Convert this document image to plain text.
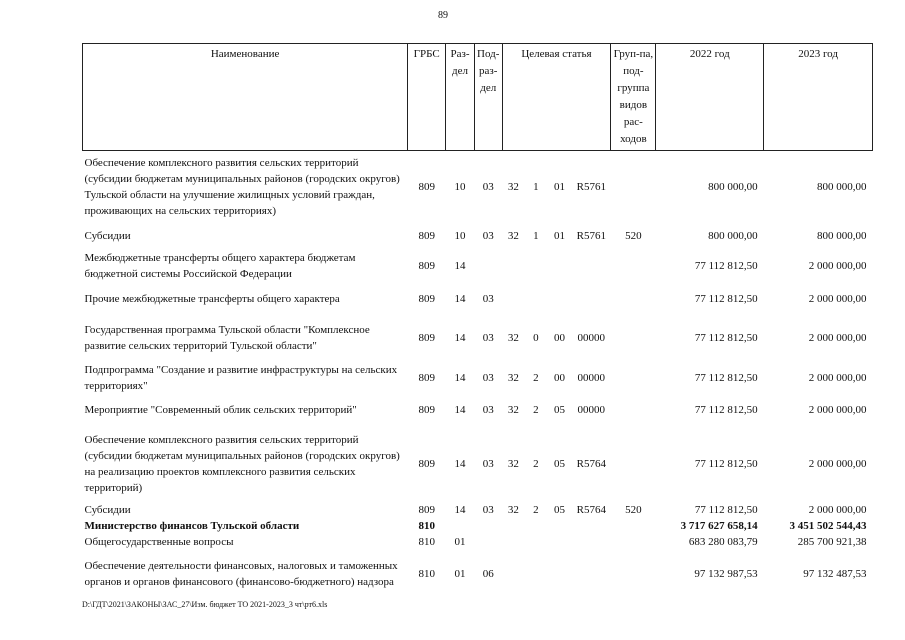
89
Наименование	ГРБС	Раз-дел	Под-раз-дел	Целевая статья				Груп-па, под-группа видов рас-ходов	2022 год	2023 год
Обеспечение комплексного развития сельских территорий (субсидии бюджетам муниципальных районов (городских округов) Тульской области на улучшение жилищных условий граждан, проживающих на сельских территориях)	809	10	03	32	1	01	R5761		800 000,00	800 000,00
Субсидии	809	10	03	32	1	01	R5761	520	800 000,00	800 000,00
Межбюджетные трансферты общего характера бюджетам бюджетной системы Российской Федерации	809	14							77 112 812,50	2 000 000,00
Прочие межбюджетные трансферты общего характера	809	14	03						77 112 812,50	2 000 000,00
Государственная программа Тульской области "Комплексное развитие сельских территорий Тульской области"	809	14	03	32	0	00	00000		77 112 812,50	2 000 000,00
Подпрограмма "Создание и развитие инфраструктуры на сельских территориях"	809	14	03	32	2	00	00000		77 112 812,50	2 000 000,00
Мероприятие "Современный облик сельских территорий"	809	14	03	32	2	05	00000		77 112 812,50	2 000 000,00
Обеспечение комплексного развития сельских территорий (субсидии бюджетам муниципальных районов (городских округов) на реализацию проектов комплексного развития сельских территорий)	809	14	03	32	2	05	R5764		77 112 812,50	2 000 000,00
Субсидии	809	14	03	32	2	05	R5764	520	77 112 812,50	2 000 000,00
Министерство финансов Тульской области	810								3 717 627 658,14	3 451 502 544,43
Общегосударственные вопросы	810	01							683 280 083,79	285 700 921,38
Обеспечение деятельности финансовых, налоговых и таможенных органов и органов финансового (финансово-бюджетного) надзора	810	01	06						97 132 987,53	97 132 487,53
D:\ГДТ\2021\ЗАКОНЫ\ЗАС_27\Изм. бюджет ТО 2021-2023_3 чт\рт6.xls
